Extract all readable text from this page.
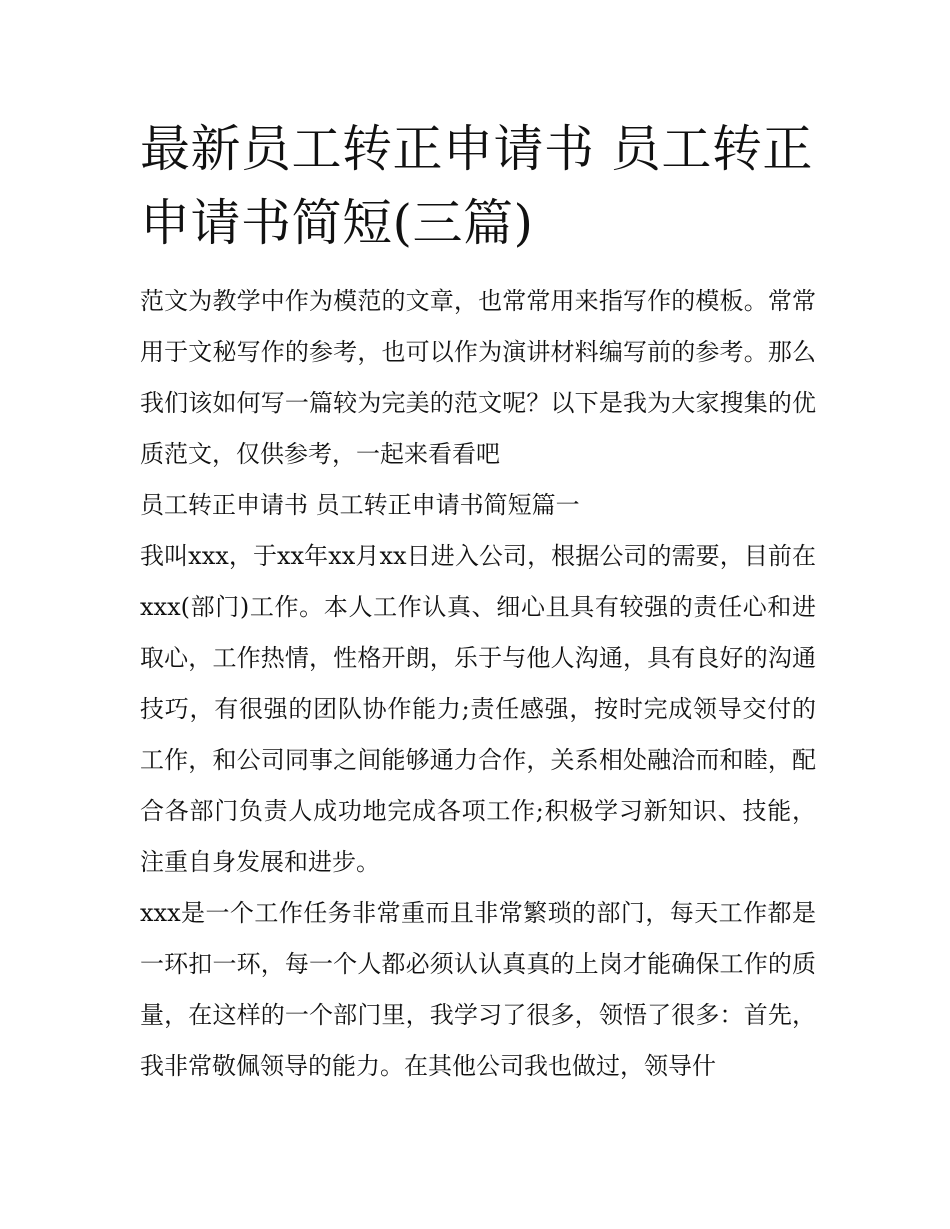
最新员工转正申请书 员工转正申请书简短(三篇)

范文为教学中作为模范的文章，也常常用来指写作的模板。常常用于文秘写作的参考，也可以作为演讲材料编写前的参考。那么我们该如何写一篇较为完美的范文呢？以下是我为大家搜集的优质范文，仅供参考，一起来看看吧

员工转正申请书 员工转正申请书简短篇一

我叫xxx，于xx年xx月xx日进入公司，根据公司的需要，目前在xxx(部门)工作。本人工作认真、细心且具有较强的责任心和进取心，工作热情，性格开朗，乐于与他人沟通，具有良好的沟通技巧，有很强的团队协作能力;责任感强，按时完成领导交付的工作，和公司同事之间能够通力合作，关系相处融洽而和睦，配合各部门负责人成功地完成各项工作;积极学习新知识、技能，注重自身发展和进步。

xxx是一个工作任务非常重而且非常繁琐的部门，每天工作都是一环扣一环，每一个人都必须认认真真的上岗才能确保工作的质量，在这样的一个部门里，我学习了很多，领悟了很多：首先，我非常敬佩领导的能力。在其他公司我也做过，领导什
